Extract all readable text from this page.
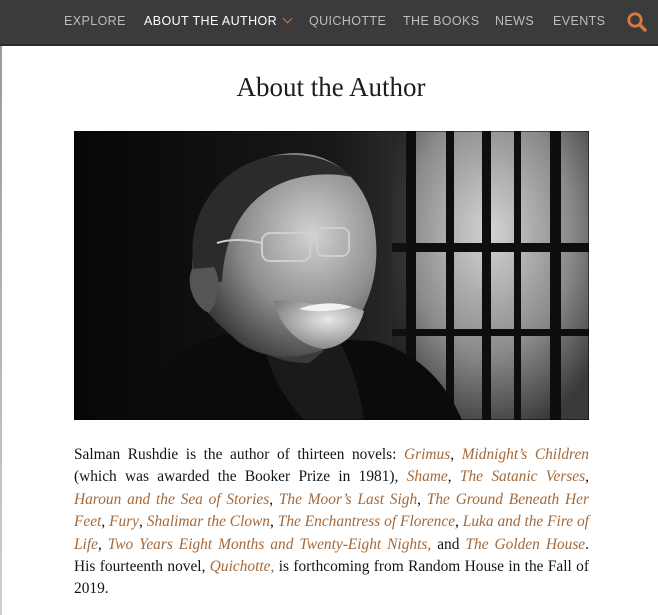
EXPLORE ABOUT THE AUTHOR	QUICHOTTE THE BOOKS NEWS EVENTS
About the Author

Salman Rushdie is the author of thirteen novels: Grimus, Midnight’s Children (which was awarded the Booker Prize in 1981), Shame, The Satanic Verses, Haroun and the Sea of Stories, The Moor’s Last Sigh, The Ground Beneath Her Feet, Fury, Shalimar the Clown, The Enchantress of Florence, Luka and the Fire of Life, Two Years Eight Months and Twenty-Eight Nights, and The Golden House. His fourteenth novel, Quichotte, is forthcoming from Random House in the Fall of 2019.
